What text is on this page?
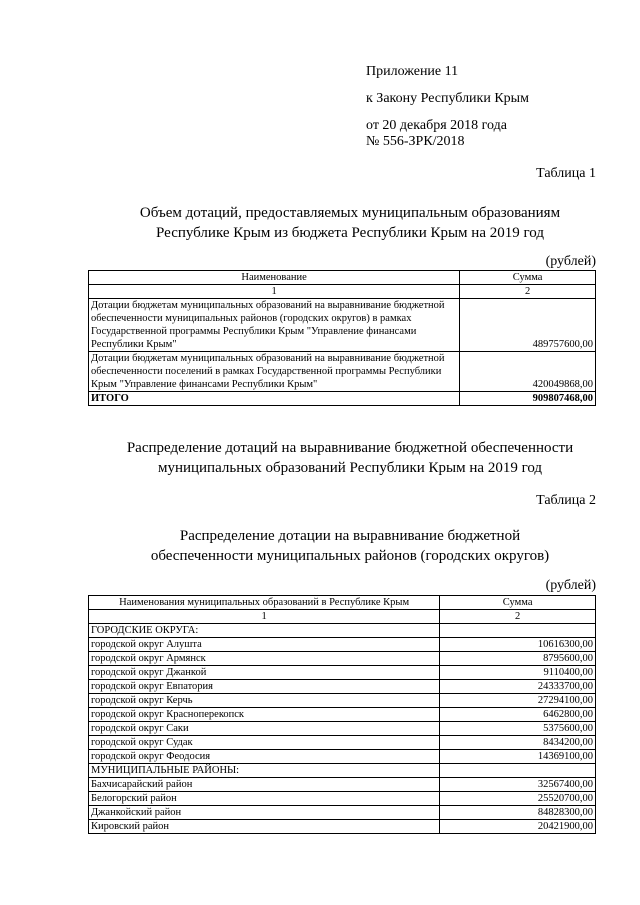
Приложение 11
к Закону Республики Крым
от 20 декабря 2018 года
№ 556-ЗРК/2018
Таблица 1
Объем дотаций, предоставляемых муниципальным образованиям
Республике Крым из бюджета Республики Крым на 2019 год
(рублей)
Наименование	Сумма
1	2
Дотации бюджетам муниципальных образований на выравнивание бюджетной обеспеченности муниципальных районов (городских округов) в рамках Государственной программы Республики Крым "Управление финансами Республики Крым"	489757600,00
Дотации бюджетам муниципальных образований на выравнивание бюджетной обеспеченности поселений в рамках Государственной программы Республики Крым "Управление финансами Республики Крым"	420049868,00
ИТОГО	909807468,00
Распределение дотаций на выравнивание бюджетной обеспеченности
муниципальных образований Республики Крым на 2019 год
Таблица 2
Распределение дотации на выравнивание бюджетной
обеспеченности муниципальных районов (городских округов)
(рублей)
Наименования муниципальных образований в Республике Крым	Сумма
1	2
ГОРОДСКИЕ ОКРУГА:	
городской округ Алушта	10616300,00
городской округ Армянск	8795600,00
городской округ Джанкой	9110400,00
городской округ Евпатория	24333700,00
городской округ Керчь	27294100,00
городской округ Красноперекопск	6462800,00
городской округ Саки	5375600,00
городской округ Судак	8434200,00
городской округ Феодосия	14369100,00
МУНИЦИПАЛЬНЫЕ РАЙОНЫ:	
Бахчисарайский район	32567400,00
Белогорский район	25520700,00
Джанкойский район	84828300,00
Кировский район	20421900,00
